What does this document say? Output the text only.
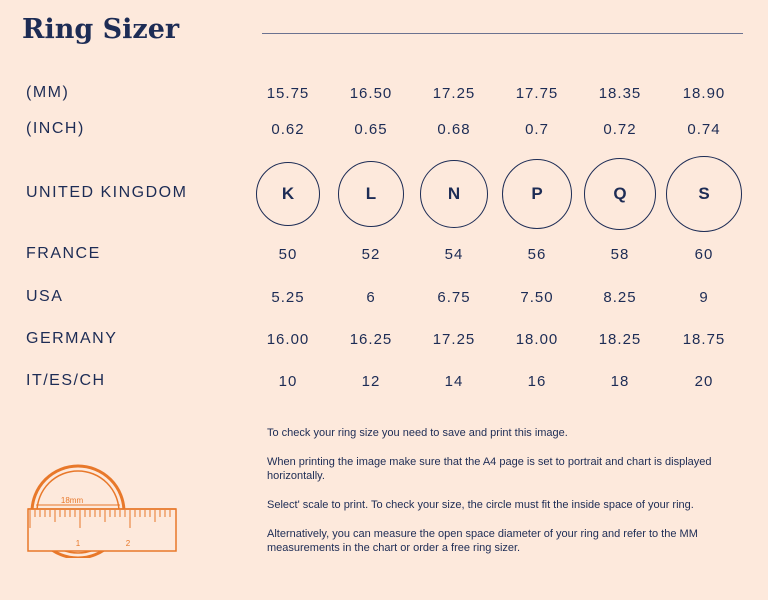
Ring Sizer
(MM)	15.75	16.50	17.25	17.75	18.35	18.90
(INCH)	0.62	0.65	0.68	0.7	0.72	0.74
UNITED KINGDOM	K	L	N	P	Q	S
FRANCE	50	52	54	56	58	60
USA	5.25	6	6.75	7.50	8.25	9
GERMANY	16.00	16.25	17.25	18.00	18.25	18.75
IT/ES/CH	10	12	14	16	18	20

To check your ring size you need to save and print this image.

When printing the image make sure that the A4 page is set to portrait and chart is displayed horizontally.

Select' scale to print. To check your size, the circle must fit the inside space of your ring.

Alternatively, you can measure the open space diameter of your ring and refer to the MM measurements in the chart or order a free ring sizer.

18mm
1	2
